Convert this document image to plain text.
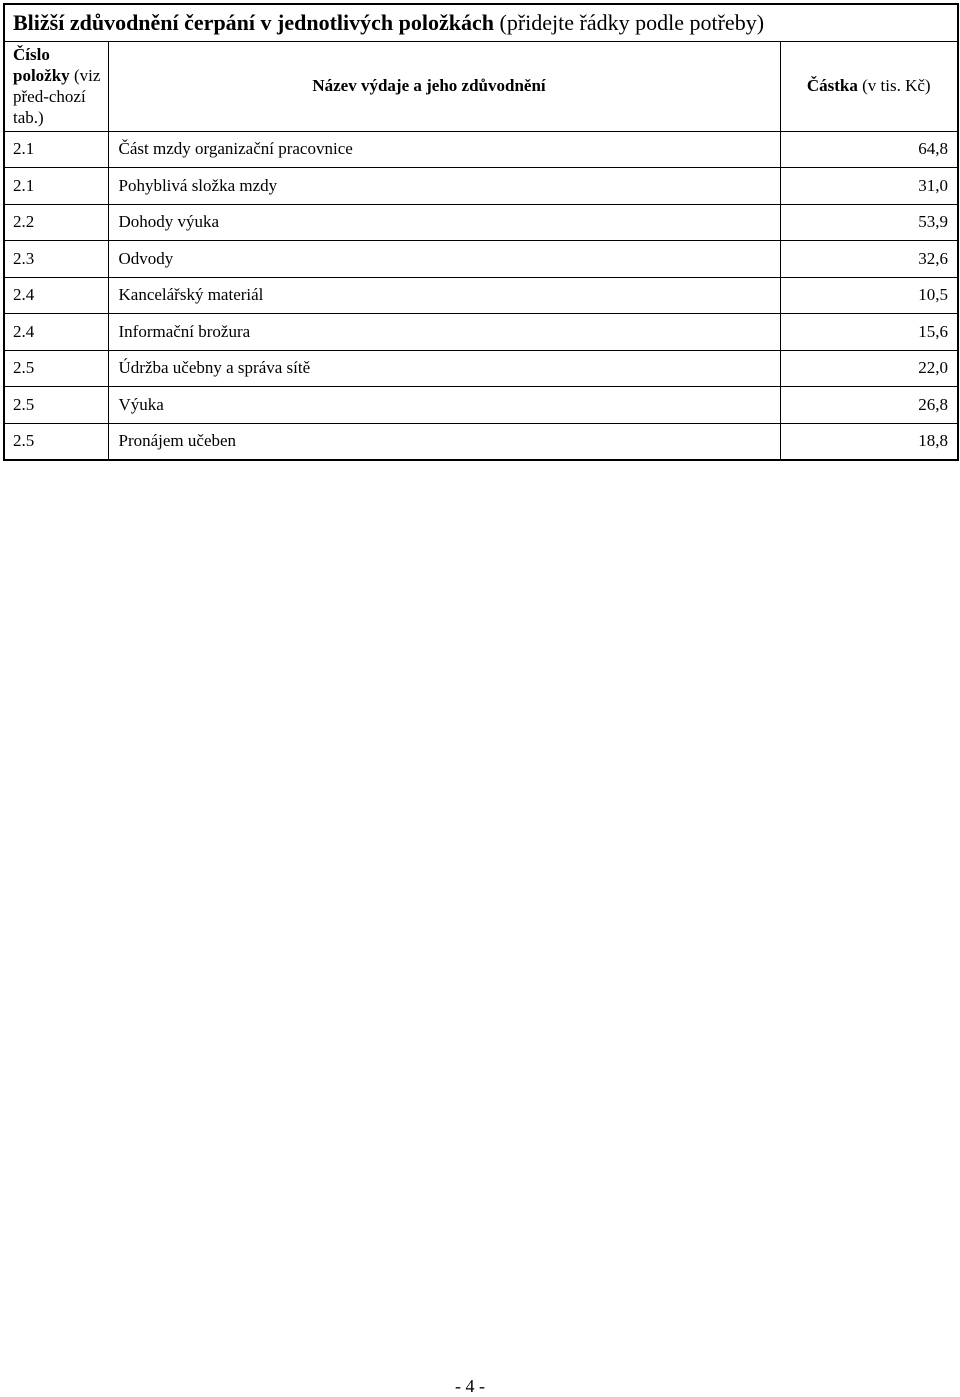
Bližší zdůvodnění čerpání v jednotlivých položkách (přidejte řádky podle potřeby)		
Číslo položky (viz před-chozí tab.)	Název výdaje a jeho zdůvodnění	Částka (v tis. Kč)
2.1	Část mzdy organizační pracovnice	64,8
2.1	Pohyblivá složka mzdy	31,0
2.2	Dohody výuka	53,9
2.3	Odvody	32,6
2.4	Kancelářský materiál	10,5
2.4	Informační brožura	15,6
2.5	Údržba učebny a správa sítě	22,0
2.5	Výuka	26,8
2.5	Pronájem učeben	18,8
- 4 -
